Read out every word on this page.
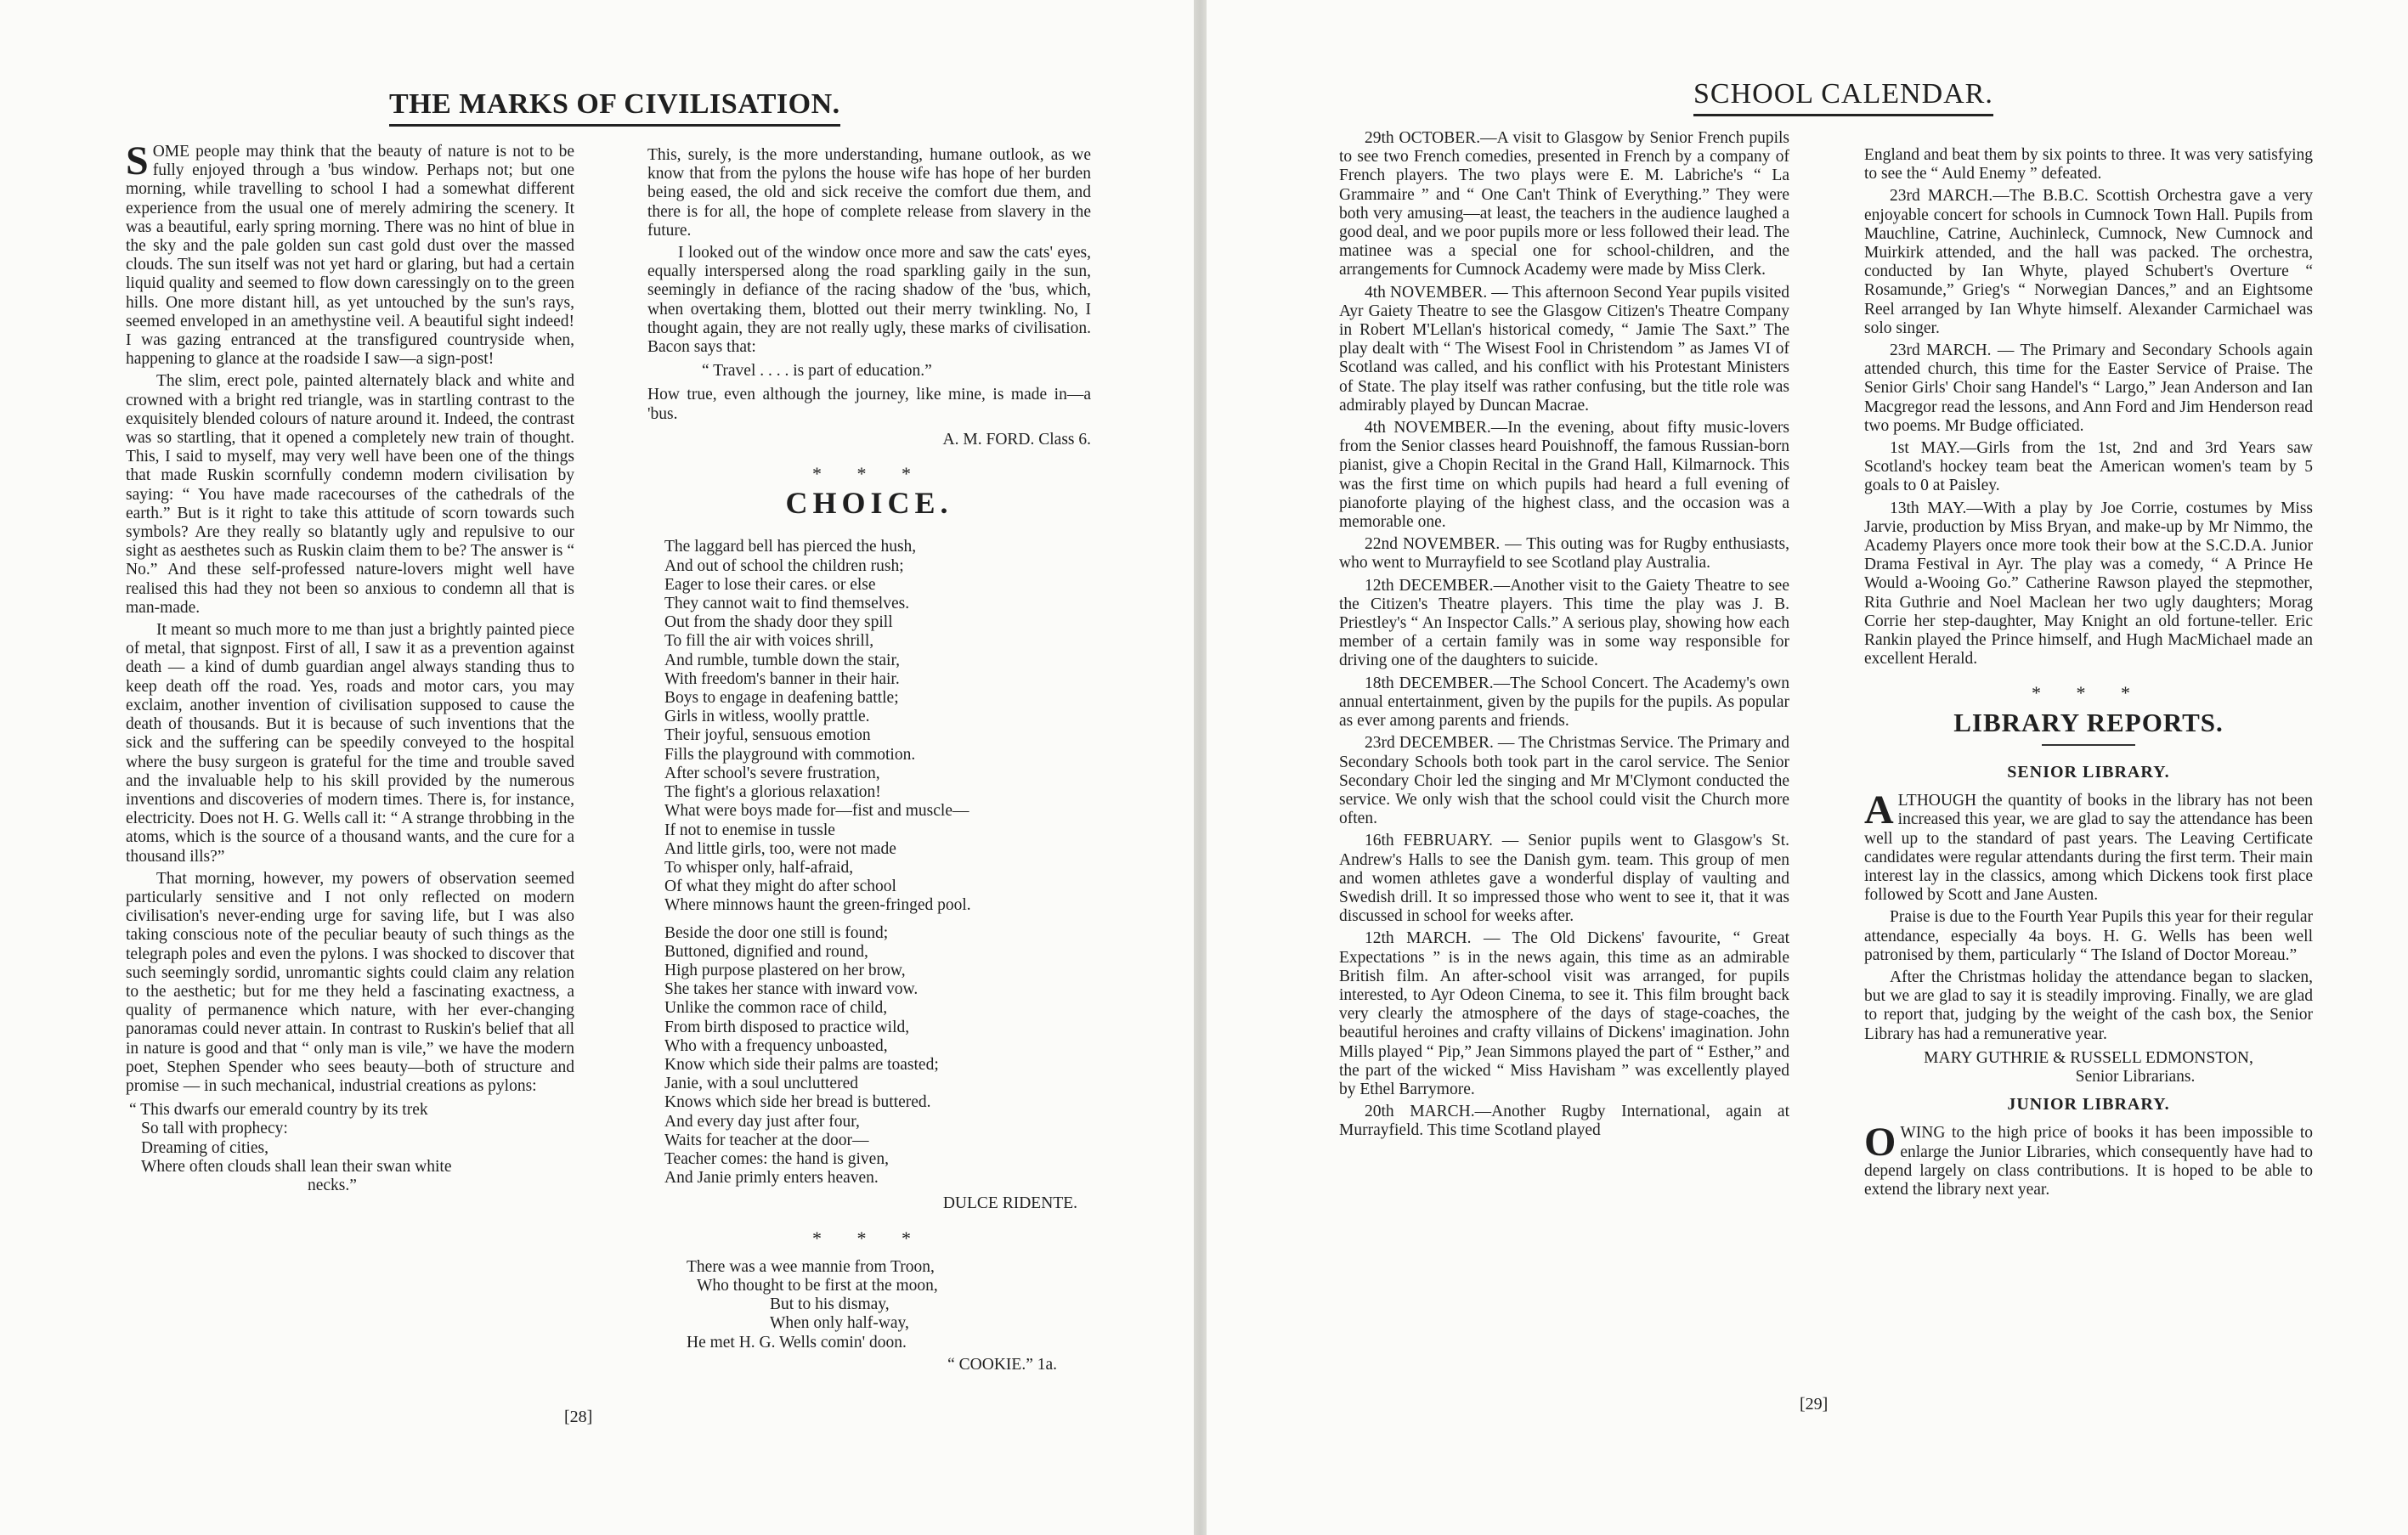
THE MARKS OF CIVILISATION.

SOME people may think that the beauty of nature is not to be fully enjoyed through a 'bus window. Perhaps not; but one morning, while travelling to school I had a somewhat different experience from the usual one of merely admiring the scenery. It was a beautiful, early spring morning. There was no hint of blue in the sky and the pale golden sun cast gold dust over the massed clouds. The sun itself was not yet hard or glaring, but had a certain liquid quality and seemed to flow down caressingly on to the green hills. One more distant hill, as yet untouched by the sun's rays, seemed enveloped in an amethystine veil. A beautiful sight indeed! I was gazing entranced at the transfigured countryside when, happening to glance at the roadside I saw—a sign-post!

The slim, erect pole, painted alternately black and white and crowned with a bright red triangle, was in startling contrast to the exquisitely blended colours of nature around it. Indeed, the contrast was so startling, that it opened a completely new train of thought. This, I said to myself, may very well have been one of the things that made Ruskin scornfully condemn modern civilisation by saying: “ You have made racecourses of the cathedrals of the earth.” But is it right to take this attitude of scorn towards such symbols? Are they really so blatantly ugly and repulsive to our sight as aesthetes such as Ruskin claim them to be? The answer is “ No.” And these self-professed nature-lovers might well have realised this had they not been so anxious to condemn all that is man-made.

It meant so much more to me than just a brightly painted piece of metal, that signpost. First of all, I saw it as a prevention against death — a kind of dumb guardian angel always standing thus to keep death off the road. Yes, roads and motor cars, you may exclaim, another invention of civilisation supposed to cause the death of thousands. But it is because of such inventions that the sick and the suffering can be speedily conveyed to the hospital where the busy surgeon is grateful for the time and trouble saved and the invaluable help to his skill provided by the numerous inventions and discoveries of modern times. There is, for instance, electricity. Does not H. G. Wells call it: “ A strange throbbing in the atoms, which is the source of a thousand wants, and the cure for a thousand ills?”

That morning, however, my powers of observation seemed particularly sensitive and I not only reflected on modern civilisation's never-ending urge for saving life, but I was also taking conscious note of the peculiar beauty of such things as the telegraph poles and even the pylons. I was shocked to discover that such seemingly sordid, unromantic sights could claim any relation to the aesthetic; but for me they held a fascinating exactness, a quality of permanence which nature, with her ever-changing panoramas could never attain. In contrast to Ruskin's belief that all in nature is good and that “ only man is vile,” we have the modern poet, Stephen Spender who sees beauty—both of structure and promise — in such mechanical, industrial creations as pylons:

“ This dwarfs our emerald country by its trek
So tall with prophecy:
Dreaming of cities,
Where often clouds shall lean their swan white
necks.”

This, surely, is the more understanding, humane outlook, as we know that from the pylons the house wife has hope of her burden being eased, the old and sick receive the comfort due them, and there is for all, the hope of complete release from slavery in the future.

I looked out of the window once more and saw the cats' eyes, equally interspersed along the road sparkling gaily in the sun, seemingly in defiance of the racing shadow of the 'bus, which, when overtaking them, blotted out their merry twinkling. No, I thought again, they are not really ugly, these marks of civilisation. Bacon says that:

“ Travel . . . . is part of education.”

How true, even although the journey, like mine, is made in—a 'bus.

A. M. FORD. Class 6.
* * *
CHOICE.
The laggard bell has pierced the hush,
And out of school the children rush;
Eager to lose their cares. or else
They cannot wait to find themselves.
Out from the shady door they spill
To fill the air with voices shrill,
And rumble, tumble down the stair,
With freedom's banner in their hair.
Boys to engage in deafening battle;
Girls in witless, woolly prattle.
Their joyful, sensuous emotion
Fills the playground with commotion.
After school's severe frustration,
The fight's a glorious relaxation!
What were boys made for—fist and muscle—
If not to enemise in tussle
And little girls, too, were not made
To whisper only, half-afraid,
Of what they might do after school
Where minnows haunt the green-fringed pool.
Beside the door one still is found;
Buttoned, dignified and round,
High purpose plastered on her brow,
She takes her stance with inward vow.
Unlike the common race of child,
From birth disposed to practice wild,
Who with a frequency unboasted,
Know which side their palms are toasted;
Janie, with a soul uncluttered
Knows which side her bread is buttered.
And every day just after four,
Waits for teacher at the door—
Teacher comes: the hand is given,
And Janie primly enters heaven.
DULCE RIDENTE.
* * *
There was a wee mannie from Troon,
Who thought to be first at the moon,
But to his dismay,
When only half-way,
He met H. G. Wells comin' doon.
“ COOKIE.” 1a.
[28]
SCHOOL CALENDAR.

29th OCTOBER.—A visit to Glasgow by Senior French pupils to see two French comedies, presented in French by a company of French players. The two plays were E. M. Labriche's “ La Grammaire ” and “ One Can't Think of Everything.” They were both very amusing—at least, the teachers in the audience laughed a good deal, and we poor pupils more or less followed their lead. The matinee was a special one for school-children, and the arrangements for Cumnock Academy were made by Miss Clerk.

4th NOVEMBER. — This afternoon Second Year pupils visited Ayr Gaiety Theatre to see the Glasgow Citizen's Theatre Company in Robert M'Lellan's historical comedy, “ Jamie The Saxt.” The play dealt with “ The Wisest Fool in Christendom ” as James VI of Scotland was called, and his conflict with his Protestant Ministers of State. The play itself was rather confusing, but the title role was admirably played by Duncan Macrae.

4th NOVEMBER.—In the evening, about fifty music-lovers from the Senior classes heard Pouishnoff, the famous Russian-born pianist, give a Chopin Recital in the Grand Hall, Kilmarnock. This was the first time on which pupils had heard a full evening of pianoforte playing of the highest class, and the occasion was a memorable one.

22nd NOVEMBER. — This outing was for Rugby enthusiasts, who went to Murrayfield to see Scotland play Australia.

12th DECEMBER.—Another visit to the Gaiety Theatre to see the Citizen's Theatre players. This time the play was J. B. Priestley's “ An Inspector Calls.” A serious play, showing how each member of a certain family was in some way responsible for driving one of the daughters to suicide.

18th DECEMBER.—The School Concert. The Academy's own annual entertainment, given by the pupils for the pupils. As popular as ever among parents and friends.

23rd DECEMBER. — The Christmas Service. The Primary and Secondary Schools both took part in the carol service. The Senior Secondary Choir led the singing and Mr M'Clymont conducted the service. We only wish that the school could visit the Church more often.

16th FEBRUARY. — Senior pupils went to Glasgow's St. Andrew's Halls to see the Danish gym. team. This group of men and women athletes gave a wonderful display of vaulting and Swedish drill. It so impressed those who went to see it, that it was discussed in school for weeks after.

12th MARCH. — The Old Dickens' favourite, “ Great Expectations ” is in the news again, this time as an admirable British film. An after-school visit was arranged, for pupils interested, to Ayr Odeon Cinema, to see it. This film brought back very clearly the atmosphere of the days of stage-coaches, the beautiful heroines and crafty villains of Dickens' imagination. John Mills played “ Pip,” Jean Simmons played the part of “ Esther,” and the part of the wicked “ Miss Havisham ” was excellently played by Ethel Barrymore.

20th MARCH.—Another Rugby International, again at Murrayfield. This time Scotland played

England and beat them by six points to three. It was very satisfying to see the “ Auld Enemy ” defeated.

23rd MARCH.—The B.B.C. Scottish Orchestra gave a very enjoyable concert for schools in Cumnock Town Hall. Pupils from Mauchline, Catrine, Auchinleck, Cumnock, New Cumnock and Muirkirk attended, and the hall was packed. The orchestra, conducted by Ian Whyte, played Schubert's Overture “ Rosamunde,” Grieg's “ Norwegian Dances,” and an Eightsome Reel arranged by Ian Whyte himself. Alexander Carmichael was solo singer.

23rd MARCH. — The Primary and Secondary Schools again attended church, this time for the Easter Service of Praise. The Senior Girls' Choir sang Handel's “ Largo,” Jean Anderson and Ian Macgregor read the lessons, and Ann Ford and Jim Henderson read two poems. Mr Budge officiated.

1st MAY.—Girls from the 1st, 2nd and 3rd Years saw Scotland's hockey team beat the American women's team by 5 goals to 0 at Paisley.

13th MAY.—With a play by Joe Corrie, costumes by Miss Jarvie, production by Miss Bryan, and make-up by Mr Nimmo, the Academy Players once more took their bow at the S.C.D.A. Junior Drama Festival in Ayr. The play was a comedy, “ A Prince He Would a-Wooing Go.” Catherine Rawson played the stepmother, Rita Guthrie and Noel Maclean her two ugly daughters; Morag Corrie her step-daughter, May Knight an old fortune-teller. Eric Rankin played the Prince himself, and Hugh MacMichael made an excellent Herald.

* * *
LIBRARY REPORTS.
SENIOR LIBRARY.

ALTHOUGH the quantity of books in the library has not been increased this year, we are glad to say the attendance has been well up to the standard of past years. The Leaving Certificate candidates were regular attendants during the first term. Their main interest lay in the classics, among which Dickens took first place followed by Scott and Jane Austen.

Praise is due to the Fourth Year Pupils this year for their regular attendance, especially 4a boys. H. G. Wells has been well patronised by them, particularly “ The Island of Doctor Moreau.”

After the Christmas holiday the attendance began to slacken, but we are glad to say it is steadily improving. Finally, we are glad to report that, judging by the weight of the cash box, the Senior Library has had a remunerative year.

MARY GUTHRIE & RUSSELL EDMONSTON,
Senior Librarians.
JUNIOR LIBRARY.

OWING to the high price of books it has been impossible to enlarge the Junior Libraries, which consequently have had to depend largely on class contributions. It is hoped to be able to extend the library next year.

[29]
